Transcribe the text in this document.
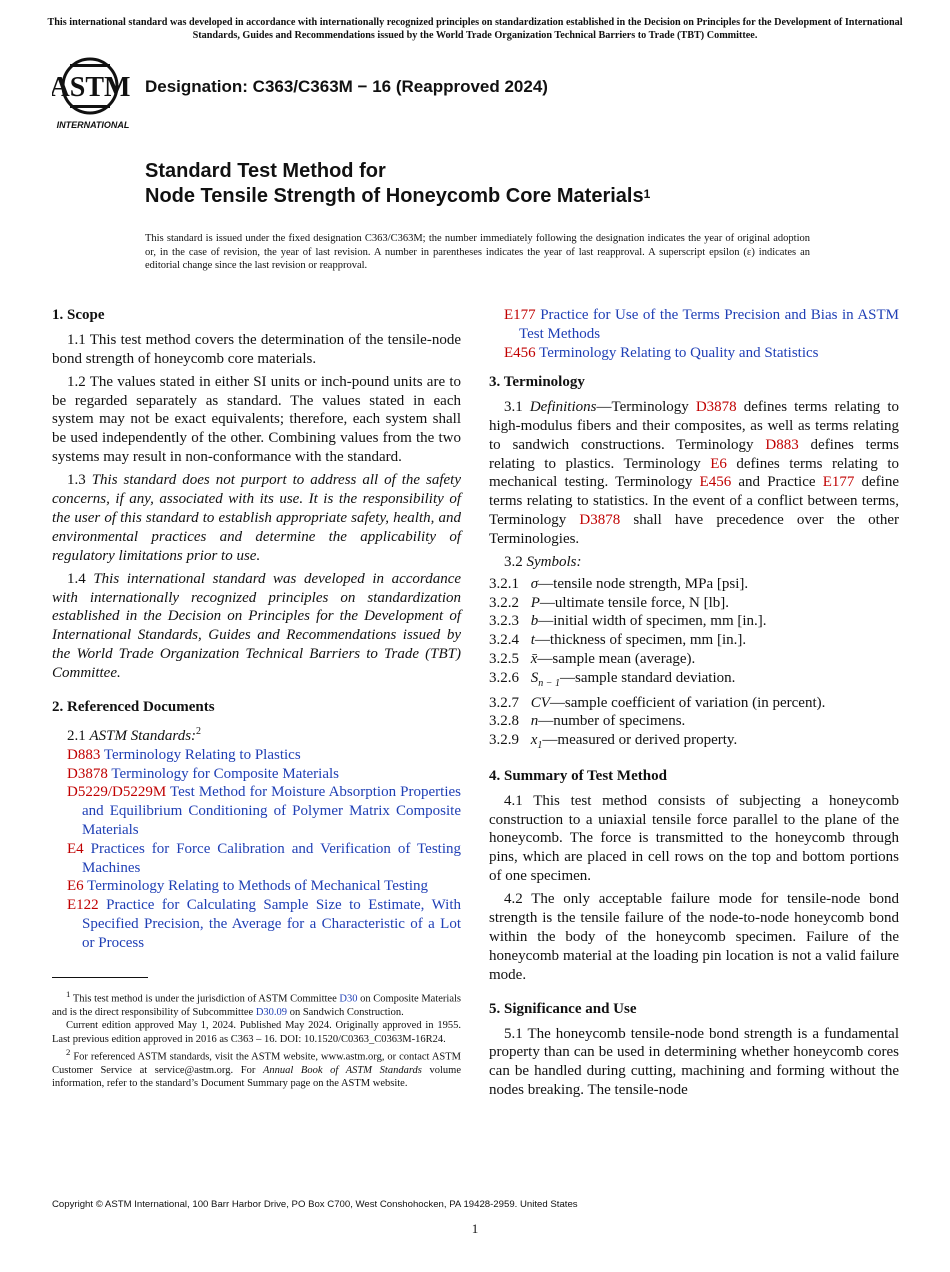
This international standard was developed in accordance with internationally recognized principles on standardization established in the Decision on Principles for the Development of International Standards, Guides and Recommendations issued by the World Trade Organization Technical Barriers to Trade (TBT) Committee.
ASTM
INTERNATIONAL
Designation: C363/C363M − 16 (Reapproved 2024)
Standard Test Method for
Node Tensile Strength of Honeycomb Core Materials$^1$
This standard is issued under the fixed designation C363/C363M; the number immediately following the designation indicates the year of original adoption or, in the case of revision, the year of last revision. A number in parentheses indicates the year of last reapproval. A superscript epsilon (ε) indicates an editorial change since the last revision or reapproval.
1. Scope

1.1 This test method covers the determination of the tensile-node bond strength of honeycomb core materials.

1.2 The values stated in either SI units or inch-pound units are to be regarded separately as standard. The values stated in each system may not be exact equivalents; therefore, each system shall be used independently of the other. Combining values from the two systems may result in non-conformance with the standard.

1.3 This standard does not purport to address all of the safety concerns, if any, associated with its use. It is the responsibility of the user of this standard to establish appropriate safety, health, and environmental practices and determine the applicability of regulatory limitations prior to use.

1.4 This international standard was developed in accordance with internationally recognized principles on standardization established in the Decision on Principles for the Development of International Standards, Guides and Recommendations issued by the World Trade Organization Technical Barriers to Trade (TBT) Committee.

2. Referenced Documents

2.1 ASTM Standards:$^2$

D883 Terminology Relating to Plastics

D3878 Terminology for Composite Materials

D5229/D5229M Test Method for Moisture Absorption Properties and Equilibrium Conditioning of Polymer Matrix Composite Materials

E4 Practices for Force Calibration and Verification of Testing Machines

E6 Terminology Relating to Methods of Mechanical Testing

E122 Practice for Calculating Sample Size to Estimate, With Specified Precision, the Average for a Characteristic of a Lot or Process

$^1$ This test method is under the jurisdiction of ASTM Committee D30 on Composite Materials and is the direct responsibility of Subcommittee D30.09 on Sandwich Construction.

Current edition approved May 1, 2024. Published May 2024. Originally approved in 1955. Last previous edition approved in 2016 as C363 – 16. DOI: 10.1520/C0363_C0363M-16R24.

$^2$ For referenced ASTM standards, visit the ASTM website, www.astm.org, or contact ASTM Customer Service at service@astm.org. For Annual Book of ASTM Standards volume information, refer to the standard’s Document Summary page on the ASTM website.

E177 Practice for Use of the Terms Precision and Bias in ASTM Test Methods

E456 Terminology Relating to Quality and Statistics

3. Terminology

3.1 Definitions—Terminology D3878 defines terms relating to high-modulus fibers and their composites, as well as terms relating to sandwich constructions. Terminology D883 defines terms relating to plastics. Terminology E6 defines terms relating to mechanical testing. Terminology E456 and Practice E177 define terms relating to statistics. In the event of a conflict between terms, Terminology D3878 shall have precedence over the other Terminologies.

3.2 Symbols:

3.2.1 σ—tensile node strength, MPa [psi].

3.2.2 P—ultimate tensile force, N [lb].

3.2.3 b—initial width of specimen, mm [in.].

3.2.4 t—thickness of specimen, mm [in.].

3.2.5 x̄—sample mean (average).

3.2.6 $S_{n - 1}—sample$ standard deviation.

3.2.7 CV—sample coefficient of variation (in percent).

3.2.8 n—number of specimens.

3.2.9 $x_1—measured$ or derived property.

4. Summary of Test Method

4.1 This test method consists of subjecting a honeycomb construction to a uniaxial tensile force parallel to the plane of the honeycomb. The force is transmitted to the honeycomb through pins, which are placed in cell rows on the top and bottom portions of one specimen.

4.2 The only acceptable failure mode for tensile-node bond strength is the tensile failure of the node-to-node honeycomb bond within the body of the honeycomb specimen. Failure of the honeycomb material at the loading pin location is not a valid failure mode.

5. Significance and Use

5.1 The honeycomb tensile-node bond strength is a fundamental property than can be used in determining whether honeycomb cores can be handled during cutting, machining and forming without the nodes breaking. The tensile-node

Copyright © ASTM International, 100 Barr Harbor Drive, PO Box C700, West Conshohocken, PA 19428-2959. United States
1
